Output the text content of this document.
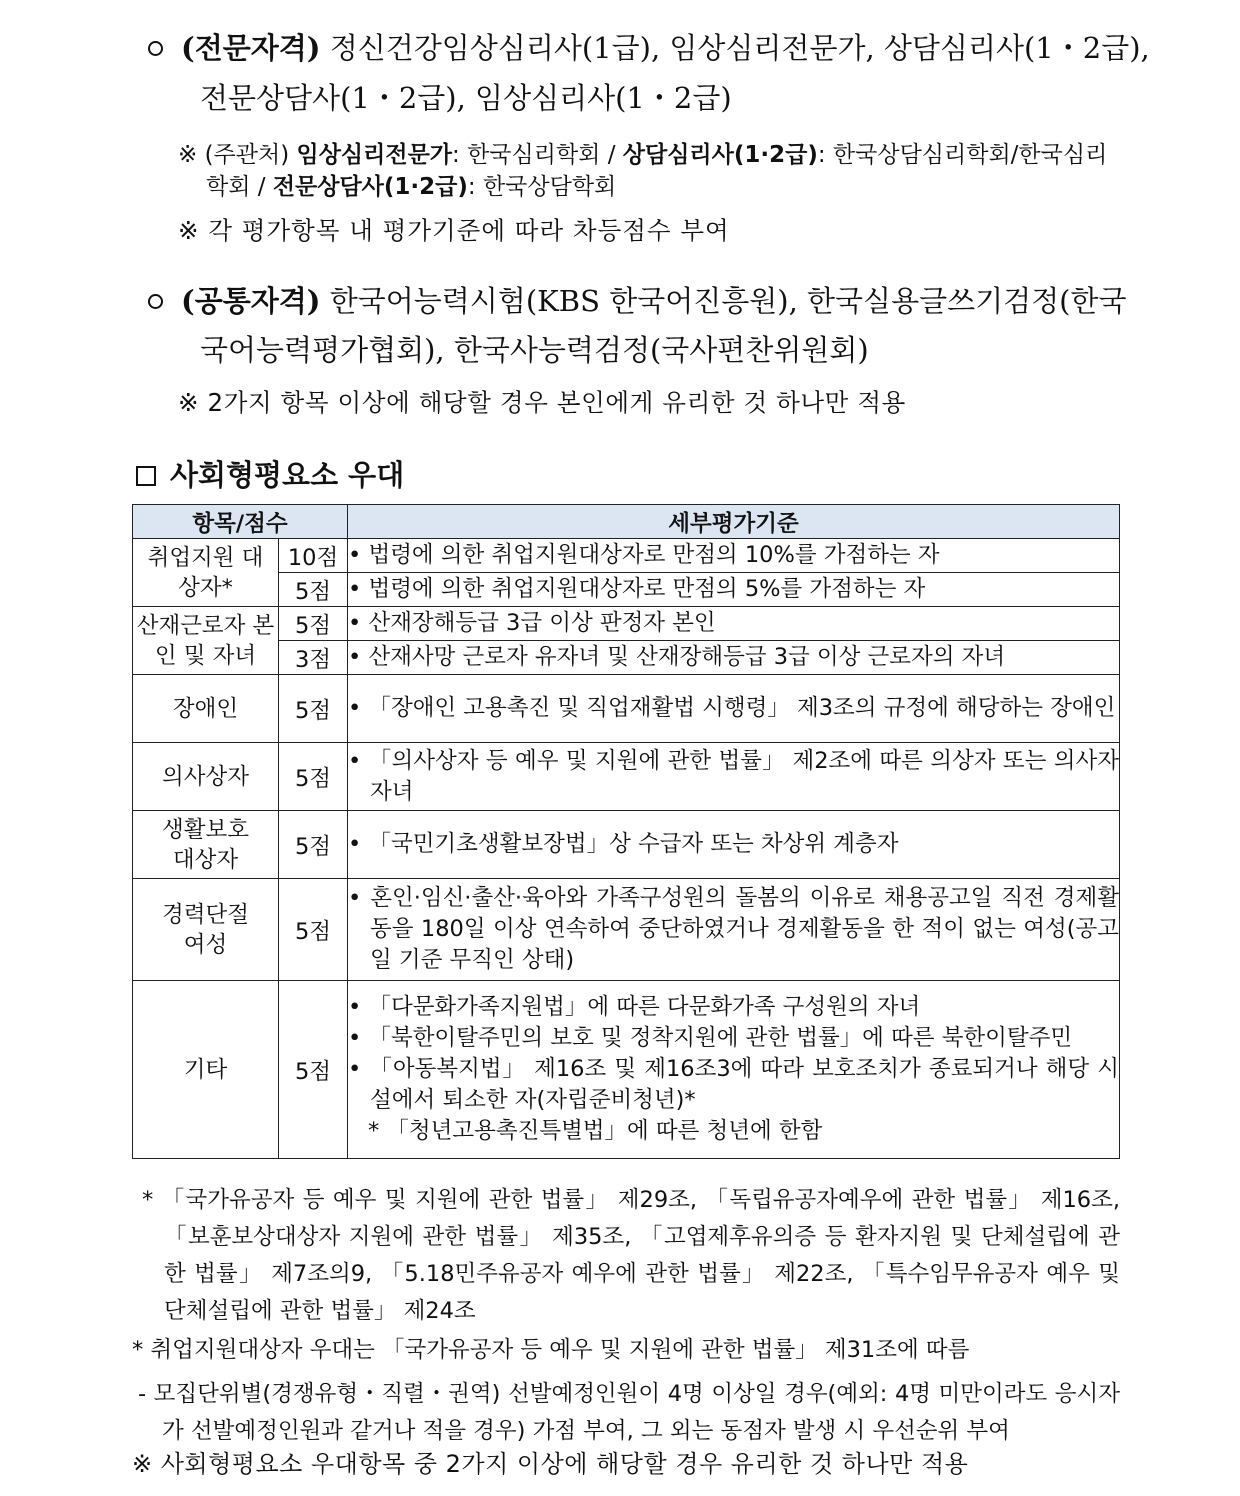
(전문자격) 정신건강임상심리사(1급), 임상심리전문가, 상담심리사(1・2급),
전문상담사(1・2급), 임상심리사(1・2급)
※ (주관처) 임상심리전문가: 한국심리학회 / 상담심리사(1·2급): 한국상담심리학회/한국심리
학회 / 전문상담사(1·2급): 한국상담학회
※ 각 평가항목 내 평가기준에 따라 차등점수 부여
(공통자격) 한국어능력시험(KBS 한국어진흥원), 한국실용글쓰기검정(한국
국어능력평가협회), 한국사능력검정(국사편찬위원회)
※ 2가지 항목 이상에 해당할 경우 본인에게 유리한 것 하나만 적용
사회형평요소 우대
항목/점수		세부평가기준
취업지원 대상자*	10점	• 법령에 의한 취업지원대상자로 만점의 10%를 가점하는 자

	5점	• 법령에 의한 취업지원대상자로 만점의 5%를 가점하는 자

산재근로자 본인 및 자녀	5점	• 산재장해등급 3급 이상 판정자 본인

	3점	• 산재사망 근로자 유자녀 및 산재장해등급 3급 이상 근로자의 자녀

장애인	5점	• 「장애인 고용촉진 및 직업재활법 시행령」 제3조의 규정에 해당하는 장애인

의사상자	5점	• 「의사상자 등 예우 및 지원에 관한 법률」 제2조에 따른 의상자 또는 의사자 자녀

생활보호 대상자	5점	• 「국민기초생활보장법」상 수급자 또는 차상위 계층자

경력단절 여성	5점	• 혼인·임신·출산·육아와 가족구성원의 돌봄의 이유로 채용공고일 직전 경제활동을 180일 이상 연속하여 중단하였거나 경제활동을 한 적이 없는 여성(공고일 기준 무직인 상태)

기타	5점	• 「다문화가족지원법」에 따른 다문화가족 구성원의 자녀
• 「북한이탈주민의 보호 및 정착지원에 관한 법률」에 따른 북한이탈주민
• 「아동복지법」 제16조 및 제16조3에 따라 보호조치가 종료되거나 해당 시설에서 퇴소한 자(자립준비청년)*
* 「청년고용촉진특별법」에 따른 청년에 한함
* 「국가유공자 등 예우 및 지원에 관한 법률」 제29조, 「독립유공자예우에 관한 법률」 제16조, 「보훈보상대상자 지원에 관한 법률」 제35조, 「고엽제후유의증 등 환자지원 및 단체설립에 관한 법률」 제7조의9, 「5.18민주유공자 예우에 관한 법률」 제22조, 「특수임무유공자 예우 및 단체설립에 관한 법률」 제24조
* 취업지원대상자 우대는 「국가유공자 등 예우 및 지원에 관한 법률」 제31조에 따름
- 모집단위별(경쟁유형・직렬・권역) 선발예정인원이 4명 이상일 경우(예외: 4명 미만이라도 응시자가 선발예정인원과 같거나 적을 경우) 가점 부여, 그 외는 동점자 발생 시 우선순위 부여
※ 사회형평요소 우대항목 중 2가지 이상에 해당할 경우 유리한 것 하나만 적용
